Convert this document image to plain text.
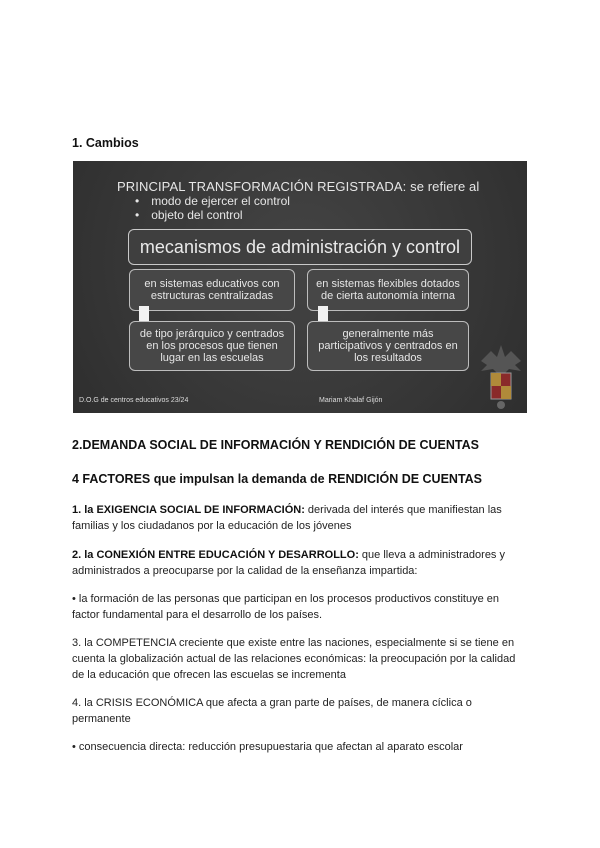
1. Cambios
PRINCIPAL TRANSFORMACIÓN REGISTRADA: se refiere al
• modo de ejercer el control
• objeto del control
mecanismos de administración y control
en sistemas educativos con estructuras centralizadas
en sistemas flexibles dotados de cierta autonomía interna
de tipo jerárquico y centrados en los procesos que tienen lugar en las escuelas
generalmente más participativos y centrados en los resultados
D.O.G de centros educativos 23/24	Mariam Khalaf Gijón
2.DEMANDA SOCIAL DE INFORMACIÓN Y RENDICIÓN DE CUENTAS
4 FACTORES que impulsan la demanda de RENDICIÓN DE CUENTAS
1. la EXIGENCIA SOCIAL DE INFORMACIÓN: derivada del interés que manifiestan las familias y los ciudadanos por la educación de los jóvenes
2. la CONEXIÓN ENTRE EDUCACIÓN Y DESARROLLO: que lleva a administradores y administrados a preocuparse por la calidad de la enseñanza impartida:
• la formación de las personas que participan en los procesos productivos constituye en factor fundamental para el desarrollo de los países.
3. la COMPETENCIA creciente que existe entre las naciones, especialmente si se tiene en cuenta la globalización actual de las relaciones económicas: la preocupación por la calidad de la educación que ofrecen las escuelas se incrementa
4. la CRISIS ECONÓMICA que afecta a gran parte de países, de manera cíclica o permanente
• consecuencia directa: reducción presupuestaria que afectan al aparato escolar
